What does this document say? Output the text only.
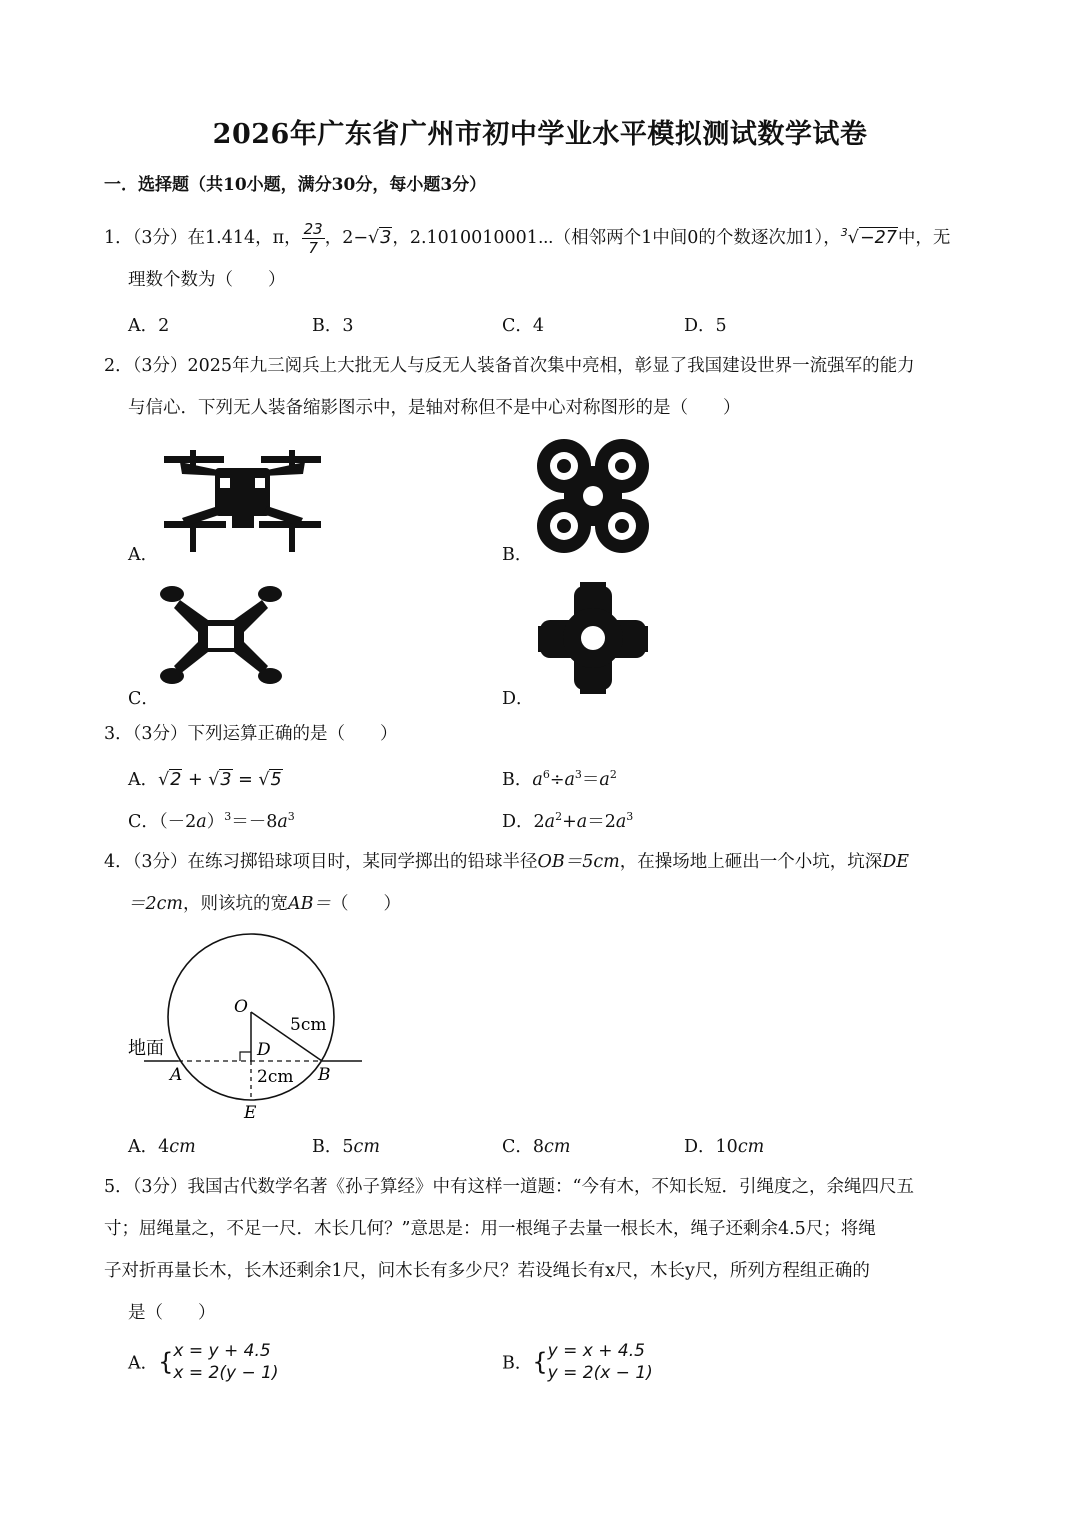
2026年广东省广州市初中学业水平模拟测试数学试卷
一．选择题（共10小题，满分30分，每小题3分）
1．（3分）在1.414，π， $\frac{23}{7}$ ，2−√3，2.1010010001⋯（相邻两个1中间0的个数逐次加1），$^3$√−27中，无
理数个数为（　　）
A．2	B．3	C．4	D．5
2．（3分）2025年九三阅兵上大批无人与反无人装备首次集中亮相，彰显了我国建设世界一流强军的能力
与信心．下列无人装备缩影图示中，是轴对称但不是中心对称图形的是（　　）
A．	B．
C．	D．
3．（3分）下列运算正确的是（　　）
A．√2 + √3 = √5	B．$a^6\div a^3=a^2$
C．$(-2a)^3=-8a^3$	D．$2a^2+a=2a^3$
4．（3分）在练习掷铅球项目时，某同学掷出的铅球半径OB＝5cm，在操场地上砸出一个小坑，坑深DE
＝2cm，则该坑的宽AB＝（　　）
O
5cm
地面	D
A	B
2cm
E
A．4cm	B．5cm	C．8cm	D．10cm
5．（3分）我国古代数学名著《孙子算经》中有这样一道题：“今有木，不知长短．引绳度之，余绳四尺五
寸；屈绳量之，不足一尺．木长几何？”意思是：用一根绳子去量一根长木，绳子还剩余4.5尺；将绳
子对折再量长木，长木还剩余1尺，问木长有多少尺？若设绳长有x尺，木长y尺，所列方程组正确的
是（　　）
A．{x = y + 4.5
x = 2(y − 1)	B．{y = x + 4.5
y = 2(x − 1)
